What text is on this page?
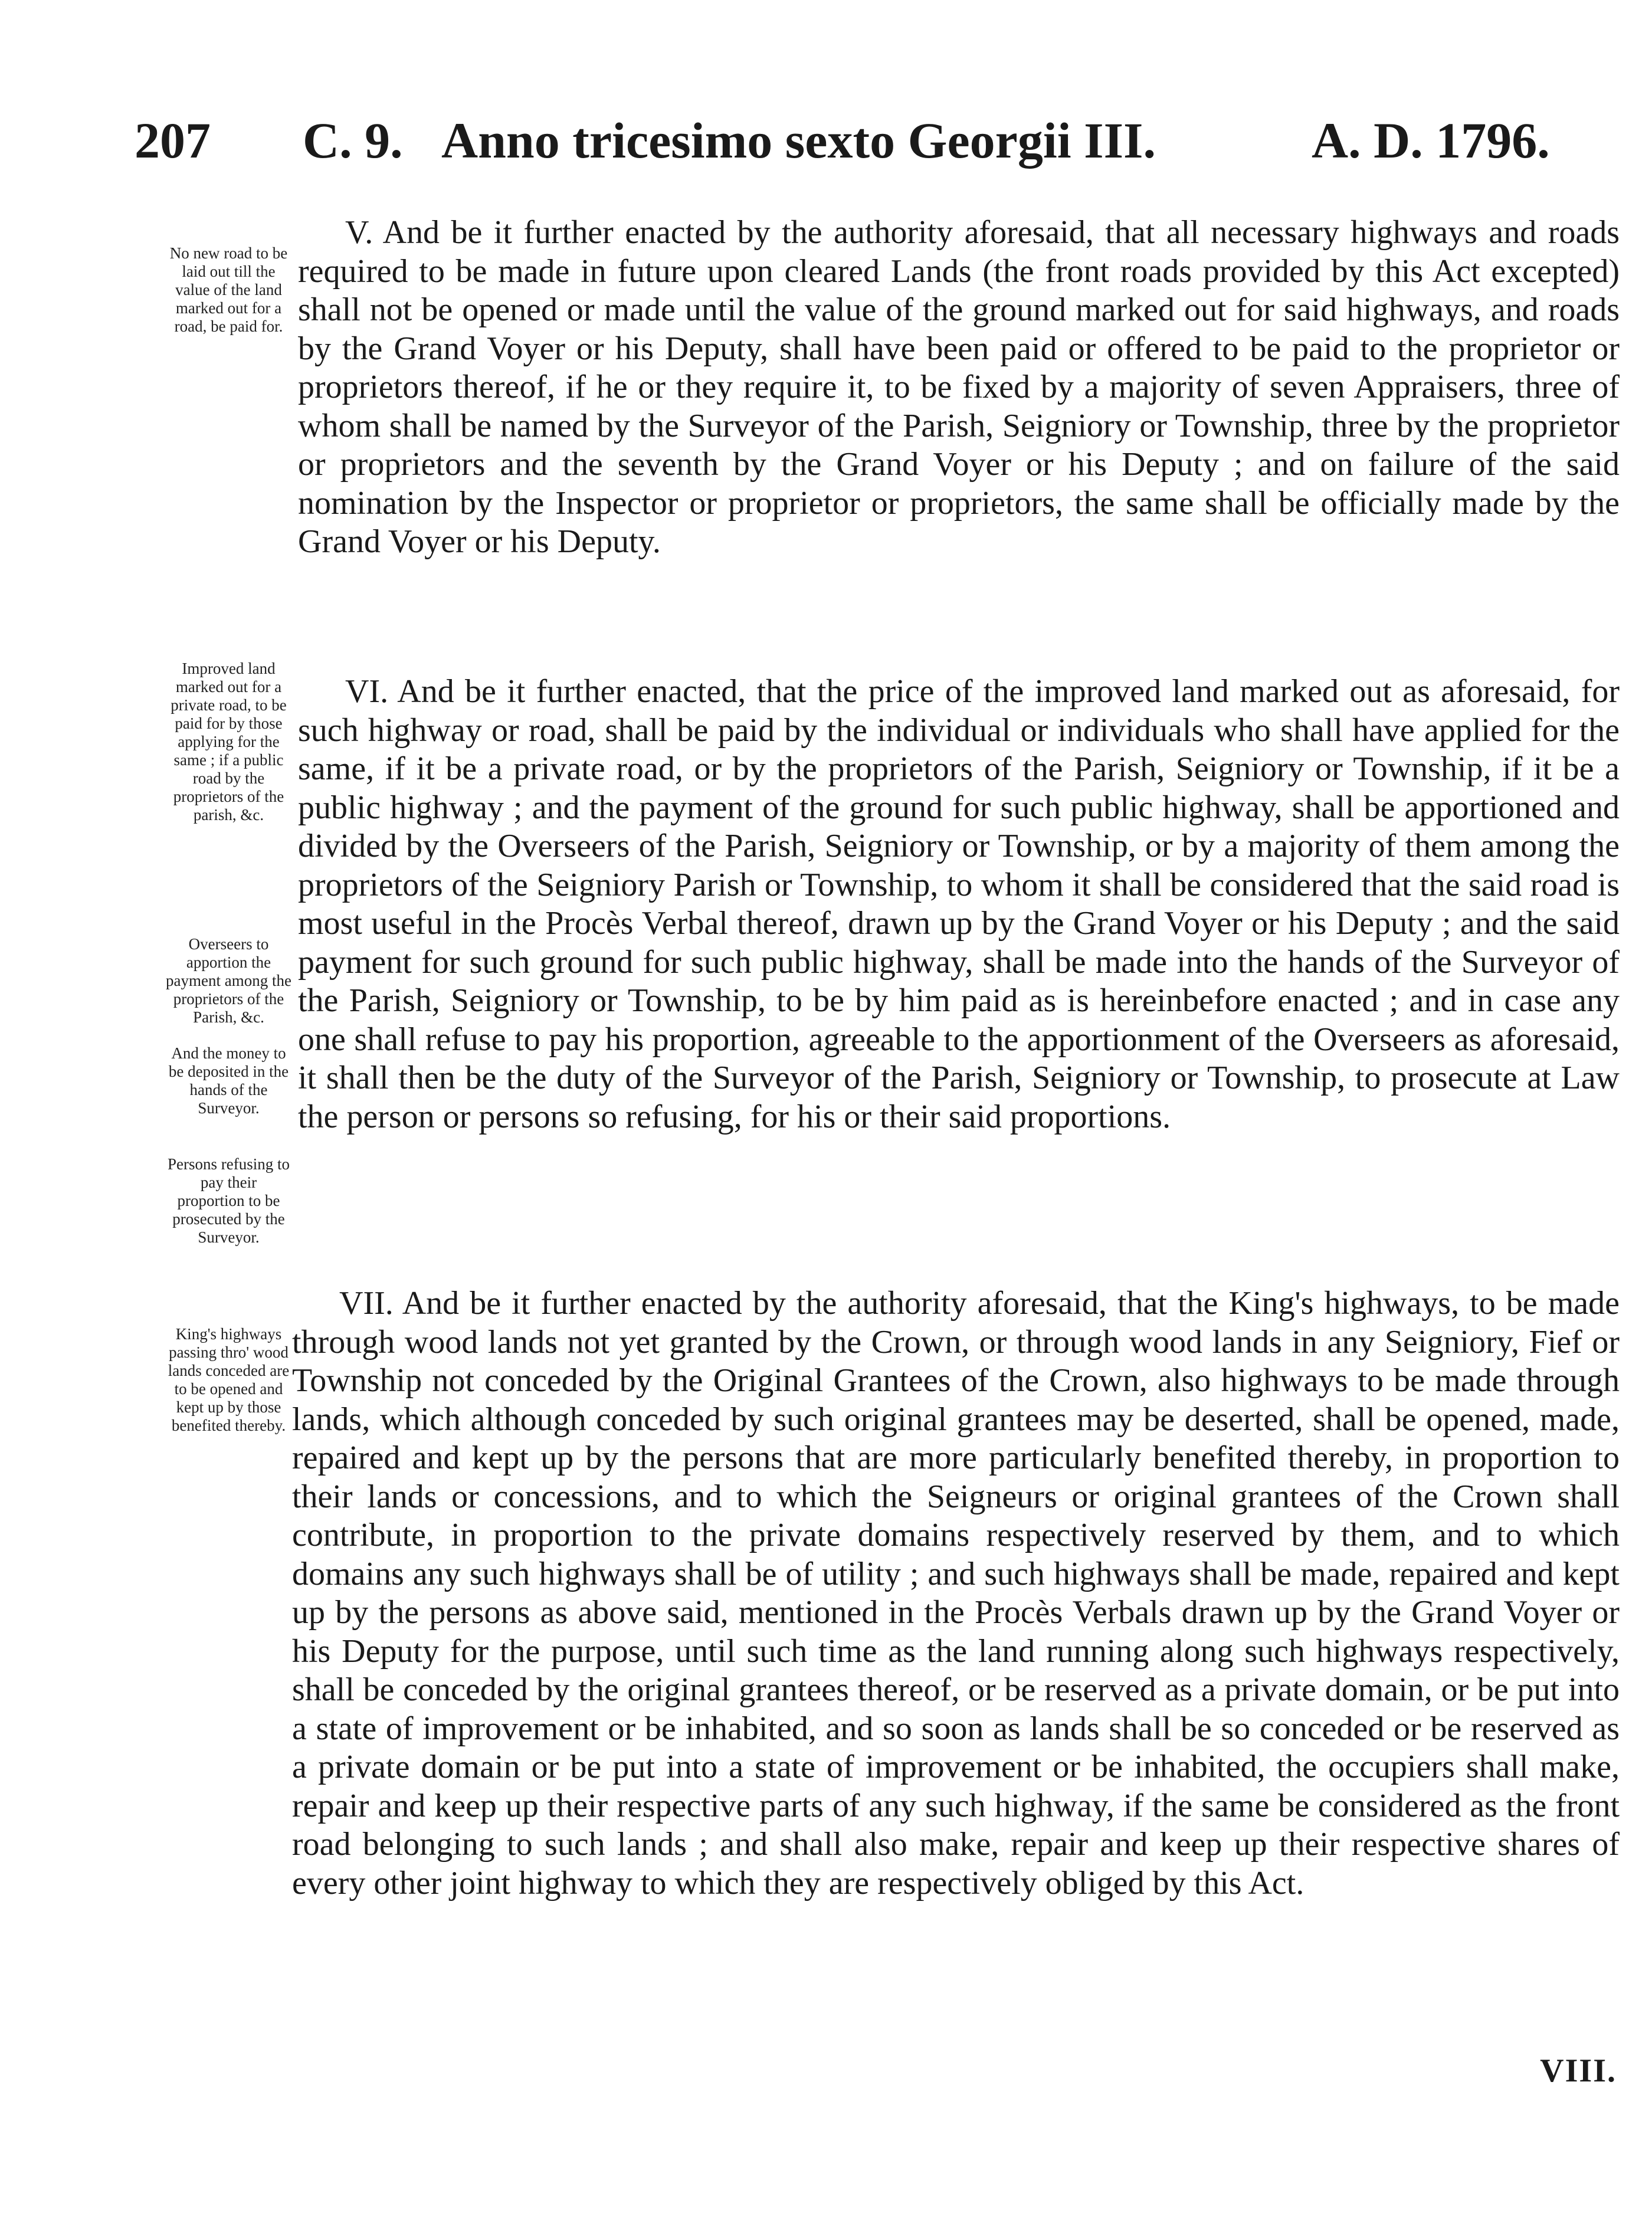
207 C. 9. Anno tricesimo sexto Georgii III.	A. D. 1796.

No new road to be laid out till the value of the land marked out for a road, be paid for.

Improved land marked out for a private road, to be paid for by those applying for the same ; if a public road by the proprietors of the parish, &c.

Overseers to apportion the payment among the proprietors of the Parish, &c.

And the money to be deposited in the hands of the Surveyor.

Persons refusing to pay their proportion to be prosecuted by the Surveyor.

King's highways passing thro' wood lands conceded are to be opened and kept up by those benefited thereby.

V. And be it further enacted by the authority aforesaid, that all necessary highways and roads required to be made in future upon cleared Lands (the front roads provided by this Act excepted) shall not be opened or made until the value of the ground marked out for said highways, and roads by the Grand Voyer or his Deputy, shall have been paid or offered to be paid to the proprietor or proprietors thereof, if he or they require it, to be fixed by a majority of seven Appraisers, three of whom shall be named by the Surveyor of the Parish, Seigniory or Township, three by the proprietor or proprietors and the seventh by the Grand Voyer or his Deputy ; and on failure of the said nomination by the Inspector or proprietor or proprietors, the same shall be officially made by the Grand Voyer or his Deputy.

VI. And be it further enacted, that the price of the improved land marked out as aforesaid, for such highway or road, shall be paid by the individual or individuals who shall have applied for the same, if it be a private road, or by the proprietors of the Parish, Seigniory or Township, if it be a public highway ; and the payment of the ground for such public highway, shall be apportioned and divided by the Overseers of the Parish, Seigniory or Township, or by a majority of them among the proprietors of the Seigniory Parish or Township, to whom it shall be considered that the said road is most useful in the Procès Verbal thereof, drawn up by the Grand Voyer or his Deputy ; and the said payment for such ground for such public highway, shall be made into the hands of the Surveyor of the Parish, Seigniory or Township, to be by him paid as is hereinbefore enacted ; and in case any one shall refuse to pay his proportion, agreeable to the apportionment of the Overseers as aforesaid, it shall then be the duty of the Surveyor of the Parish, Seigniory or Township, to prosecute at Law the person or persons so refusing, for his or their said proportions.

VII. And be it further enacted by the authority aforesaid, that the King's highways, to be made through wood lands not yet granted by the Crown, or through wood lands in any Seigniory, Fief or Township not conceded by the Original Grantees of the Crown, also highways to be made through lands, which although conceded by such original grantees may be deserted, shall be opened, made, repaired and kept up by the persons that are more particularly benefited thereby, in proportion to their lands or concessions, and to which the Seigneurs or original grantees of the Crown shall contribute, in proportion to the private domains respectively reserved by them, and to which domains any such highways shall be of utility ; and such highways shall be made, repaired and kept up by the persons as above said, mentioned in the Procès Verbals drawn up by the Grand Voyer or his Deputy for the purpose, until such time as the land running along such highways respectively, shall be conceded by the original grantees thereof, or be reserved as a private domain, or be put into a state of improvement or be inhabited, and so soon as lands shall be so conceded or be reserved as a private domain or be put into a state of improvement or be inhabited, the occupiers shall make, repair and keep up their respective parts of any such highway, if the same be considered as the front road belonging to such lands ; and shall also make, repair and keep up their respective shares of every other joint highway to which they are respectively obliged by this Act.

VIII.
